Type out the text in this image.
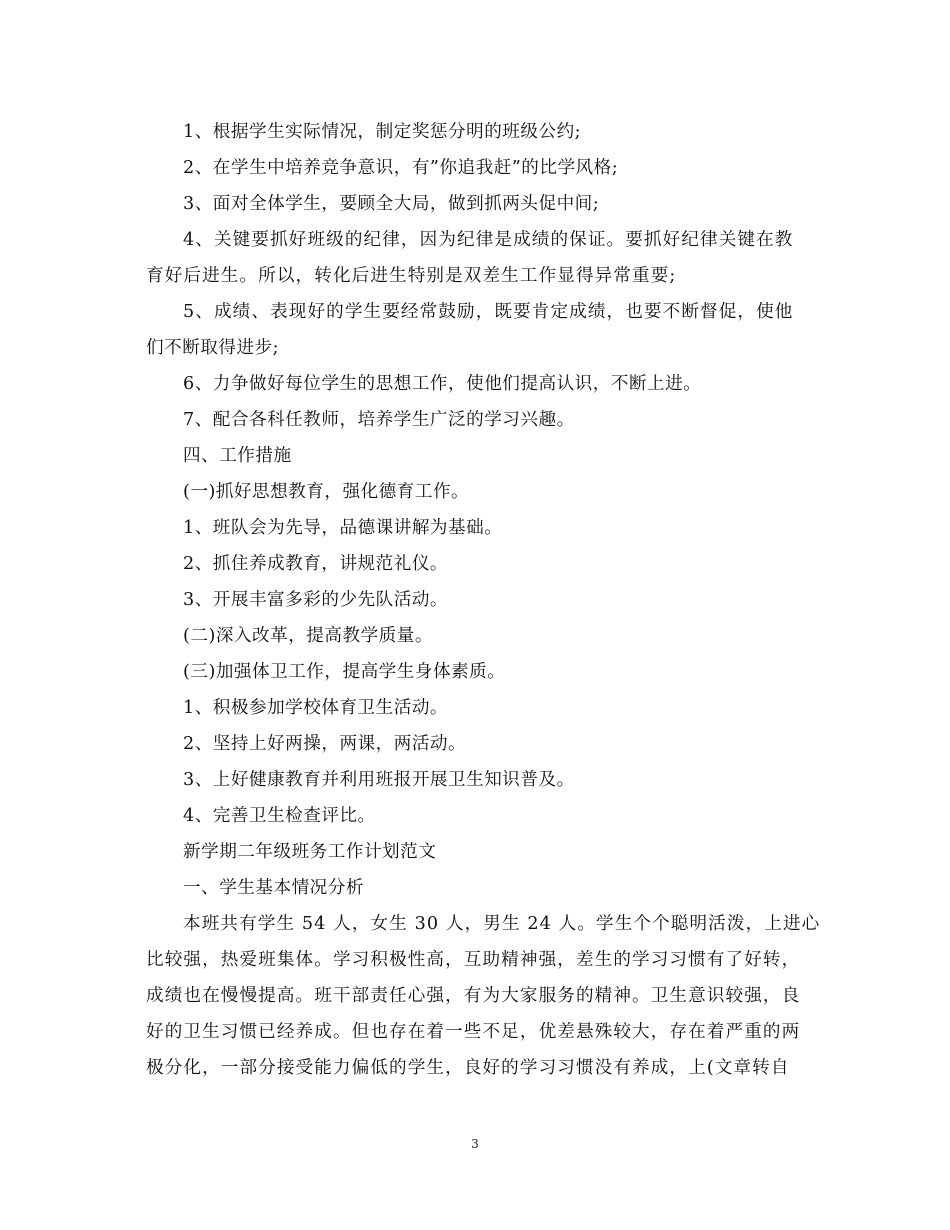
1、根据学生实际情况，制定奖惩分明的班级公约;
2、在学生中培养竞争意识，有”你追我赶”的比学风格;
3、面对全体学生，要顾全大局，做到抓两头促中间;
4、关键要抓好班级的纪律，因为纪律是成绩的保证。要抓好纪律关键在教
育好后进生。所以，转化后进生特别是双差生工作显得异常重要;
5、成绩、表现好的学生要经常鼓励，既要肯定成绩，也要不断督促，使他
们不断取得进步;
6、力争做好每位学生的思想工作，使他们提高认识，不断上进。
7、配合各科任教师，培养学生广泛的学习兴趣。
四、工作措施
(一)抓好思想教育，强化德育工作。
1、班队会为先导，品德课讲解为基础。
2、抓住养成教育，讲规范礼仪。
3、开展丰富多彩的少先队活动。
(二)深入改革，提高教学质量。
(三)加强体卫工作，提高学生身体素质。
1、积极参加学校体育卫生活动。
2、坚持上好两操，两课，两活动。
3、上好健康教育并利用班报开展卫生知识普及。
4、完善卫生检查评比。
新学期二年级班务工作计划范文
一、学生基本情况分析
本班共有学生 54 人，女生 30 人，男生 24 人。学生个个聪明活泼，上进心
比较强，热爱班集体。学习积极性高，互助精神强，差生的学习习惯有了好转，
成绩也在慢慢提高。班干部责任心强，有为大家服务的精神。卫生意识较强，良
好的卫生习惯已经养成。但也存在着一些不足，优差悬殊较大，存在着严重的两
极分化，一部分接受能力偏低的学生，良好的学习习惯没有养成，上(文章转自
3
